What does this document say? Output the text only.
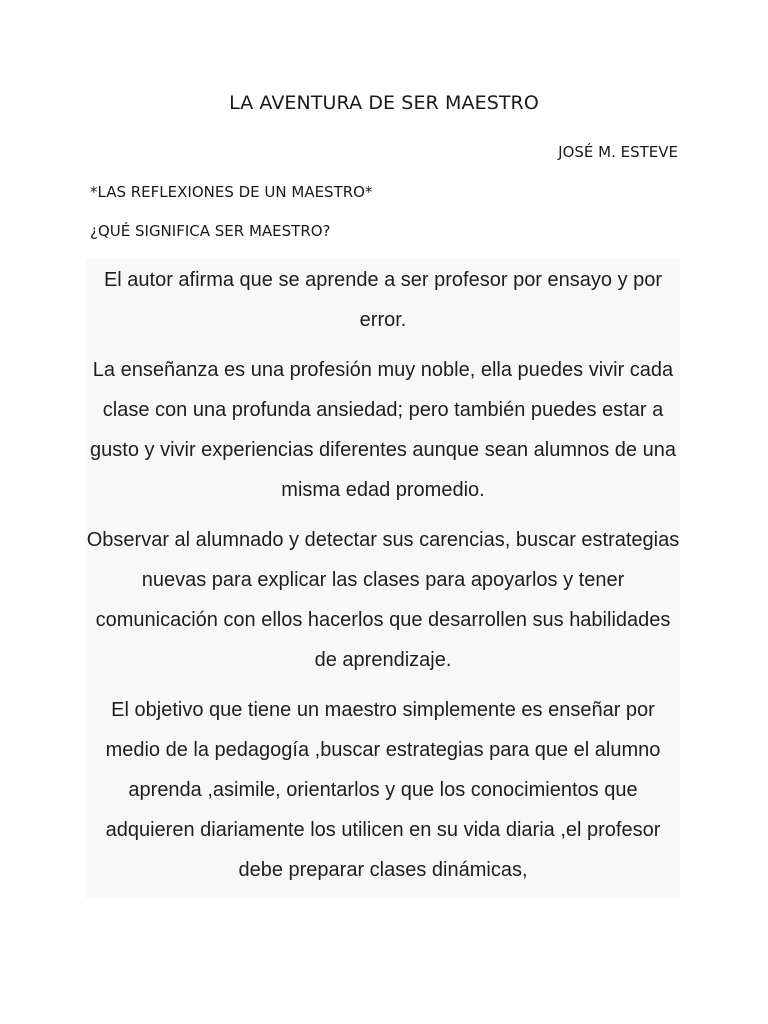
LA AVENTURA DE SER MAESTRO

JOSÉ M. ESTEVE

*LAS REFLEXIONES DE UN MAESTRO*
¿QUÉ SIGNIFICA SER MAESTRO?

El autor afirma que se aprende a ser profesor por ensayo y por error.

La enseñanza es una profesión muy noble, ella puedes vivir cada clase con una profunda ansiedad; pero también puedes estar a gusto y vivir experiencias diferentes aunque sean alumnos de una misma edad promedio.

Observar al alumnado y detectar sus carencias, buscar estrategias nuevas para explicar las clases para apoyarlos y tener comunicación con ellos hacerlos que desarrollen sus habilidades de aprendizaje.

El objetivo que tiene un maestro simplemente es enseñar por medio de la pedagogía ,buscar estrategias para que el alumno aprenda ,asimile, orientarlos y que los conocimientos que adquieren diariamente los utilicen en su vida diaria ,el profesor debe preparar clases dinámicas,
